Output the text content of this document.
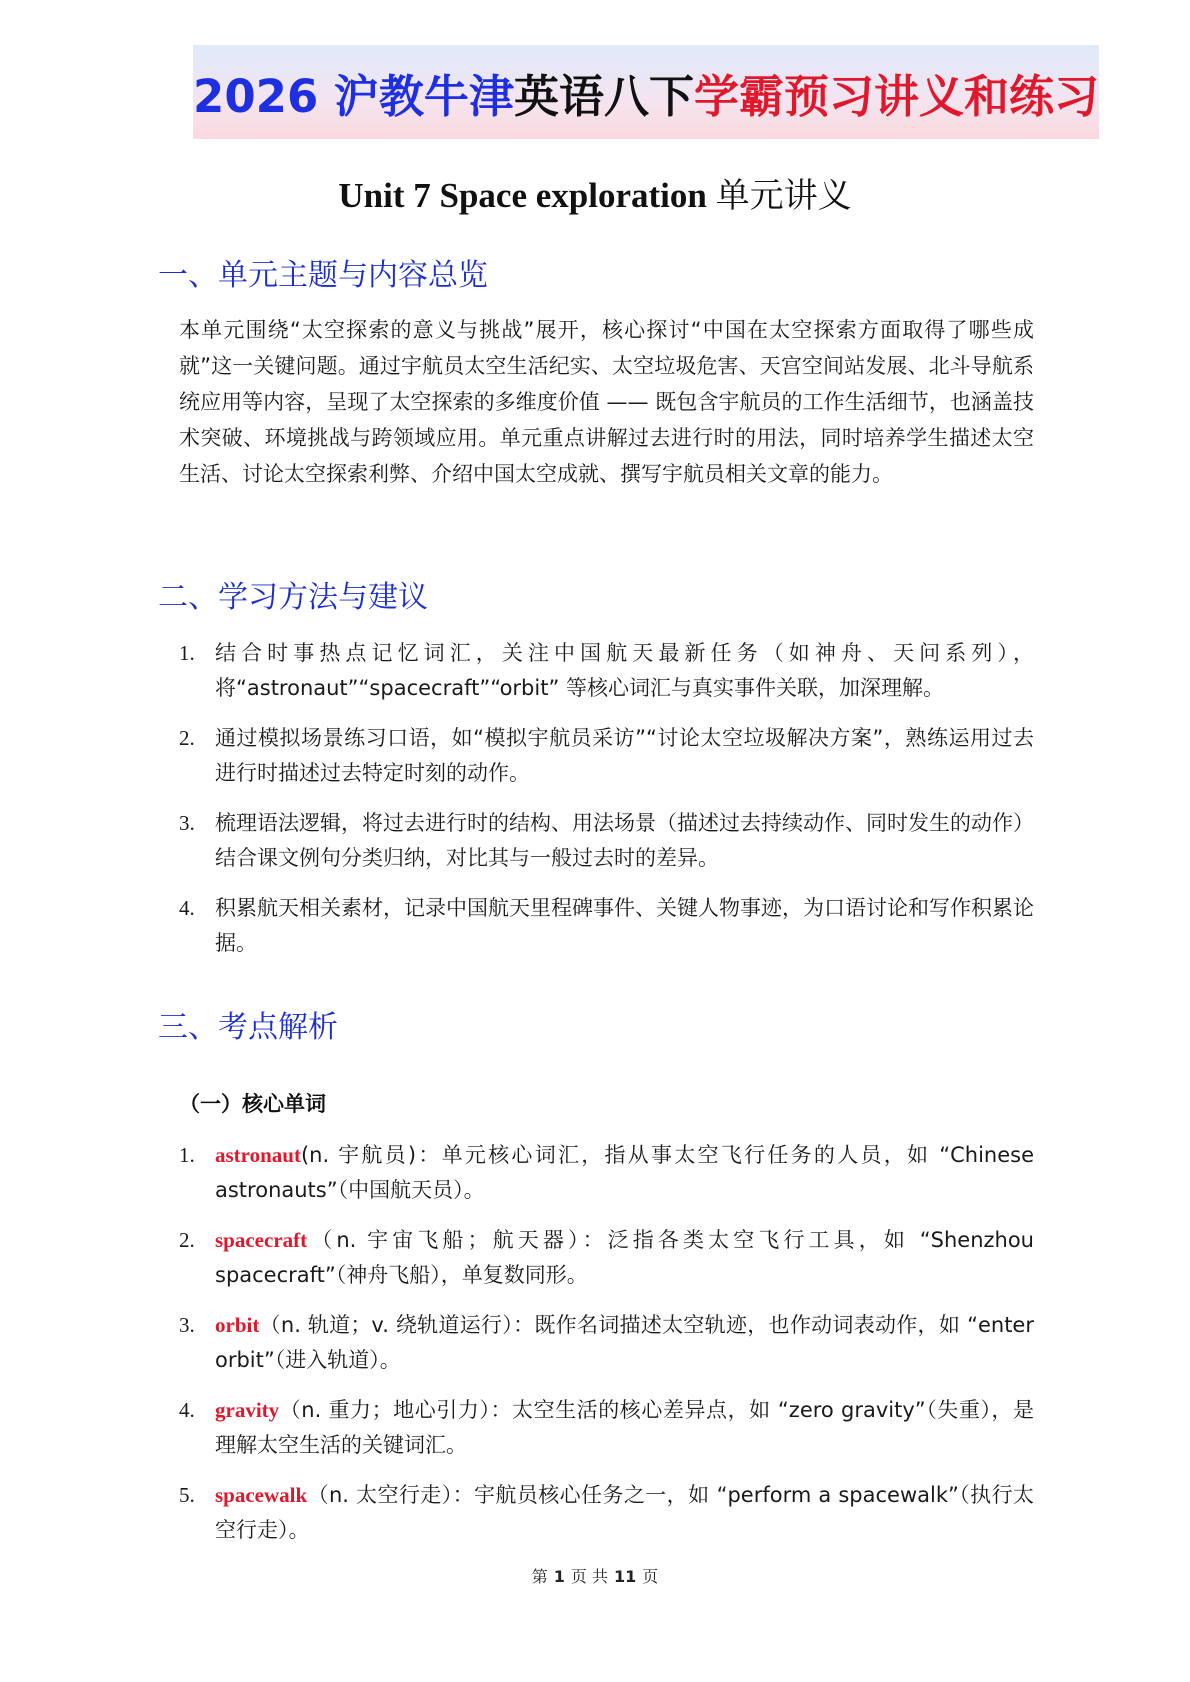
2026 沪教牛津英语八下学霸预习讲义和练习
Unit 7 Space exploration 单元讲义
一、单元主题与内容总览

本单元围绕“太空探索的意义与挑战”展开，核心探讨“中国在太空探索方面取得了哪些成就”这一关键问题。通过宇航员太空生活纪实、太空垃圾危害、天宫空间站发展、北斗导航系统应用等内容，呈现了太空探索的多维度价值 —— 既包含宇航员的工作生活细节，也涵盖技术突破、环境挑战与跨领域应用。单元重点讲解过去进行时的用法，同时培养学生描述太空生活、讨论太空探索利弊、介绍中国太空成就、撰写宇航员相关文章的能力。

二、学习方法与建议
1. 结合时事热点记忆词汇，关注中国航天最新任务（如神舟、天问系列），将“astronaut”“spacecraft”“orbit” 等核心词汇与真实事件关联，加深理解。
2. 通过模拟场景练习口语，如“模拟宇航员采访”“讨论太空垃圾解决方案”，熟练运用过去进行时描述过去特定时刻的动作。
3. 梳理语法逻辑，将过去进行时的结构、用法场景（描述过去持续动作、同时发生的动作）结合课文例句分类归纳，对比其与一般过去时的差异。
4. 积累航天相关素材，记录中国航天里程碑事件、关键人物事迹，为口语讨论和写作积累论据。
三、考点解析
（一）核心单词
1. astronaut(n. 宇航员)：单元核心词汇，指从事太空飞行任务的人员，如 “Chinese astronauts”（中国航天员）。
2. spacecraft（n. 宇宙飞船；航天器）：泛指各类太空飞行工具，如 “Shenzhou spacecraft”（神舟飞船），单复数同形。
3. orbit（n. 轨道；v. 绕轨道运行）：既作名词描述太空轨迹，也作动词表动作，如 “enter orbit”（进入轨道）。
4. gravity（n. 重力；地心引力）：太空生活的核心差异点，如 “zero gravity”（失重），是理解太空生活的关键词汇。
5. spacewalk（n. 太空行走）：宇航员核心任务之一，如 “perform a spacewalk”（执行太空行走）。
第 1 页 共 11 页
